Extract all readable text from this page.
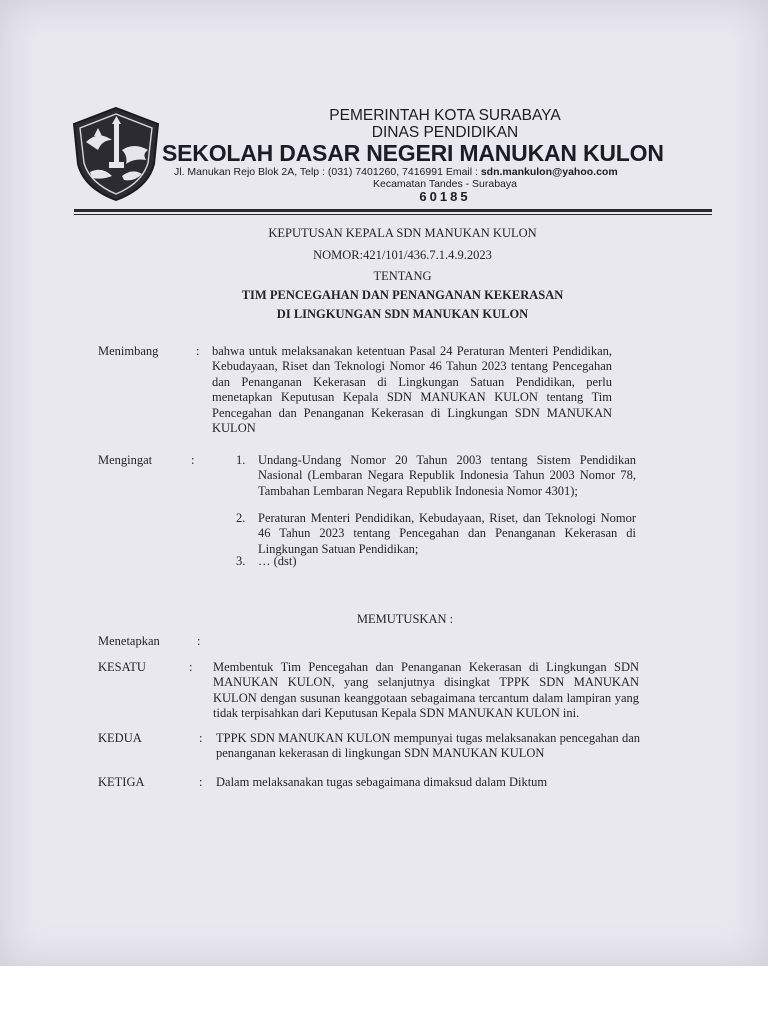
PEMERINTAH KOTA SURABAYA
DINAS PENDIDIKAN
SEKOLAH DASAR NEGERI MANUKAN KULON
Jl. Manukan Rejo Blok 2A, Telp : (031) 7401260, 7416991 Email : sdn.mankulon@yahoo.com
Kecamatan Tandes - Surabaya
60185
KEPUTUSAN KEPALA SDN MANUKAN KULON
NOMOR:421/101/436.7.1.4.9.2023
TENTANG
TIM PENCEGAHAN DAN PENANGANAN KEKERASAN
DI LINGKUNGAN SDN MANUKAN KULON
Menimbang	: bahwa untuk melaksanakan ketentuan Pasal 24 Peraturan Menteri Pendidikan, Kebudayaan, Riset dan Teknologi Nomor 46 Tahun 2023 tentang Pencegahan dan Penanganan Kekerasan di Lingkungan Satuan Pendidikan, perlu menetapkan Keputusan Kepala SDN MANUKAN KULON tentang Tim Pencegahan dan Penanganan Kekerasan di Lingkungan SDN MANUKAN KULON
Mengingat	:	1. Undang-Undang Nomor 20 Tahun 2003 tentang Sistem Pendidikan Nasional (Lembaran Negara Republik Indonesia Tahun 2003 Nomor 78, Tambahan Lembaran Negara Republik Indonesia Nomor 4301);
2. Peraturan Menteri Pendidikan, Kebudayaan, Riset, dan Teknologi Nomor 46 Tahun 2023 tentang Pencegahan dan Penanganan Kekerasan di Lingkungan Satuan Pendidikan;
3. … (dst)
MEMUTUSKAN :
Menetapkan	:
KESATU	:	Membentuk Tim Pencegahan dan Penanganan Kekerasan di Lingkungan SDN MANUKAN KULON, yang selanjutnya disingkat TPPK SDN MANUKAN KULON dengan susunan keanggotaan sebagaimana tercantum dalam lampiran yang tidak terpisahkan dari Keputusan Kepala SDN MANUKAN KULON ini.
KEDUA	: TPPK SDN MANUKAN KULON mempunyai tugas melaksanakan pencegahan dan penanganan kekerasan di lingkungan SDN MANUKAN KULON
KETIGA	: Dalam melaksanakan tugas sebagaimana dimaksud dalam Diktum
